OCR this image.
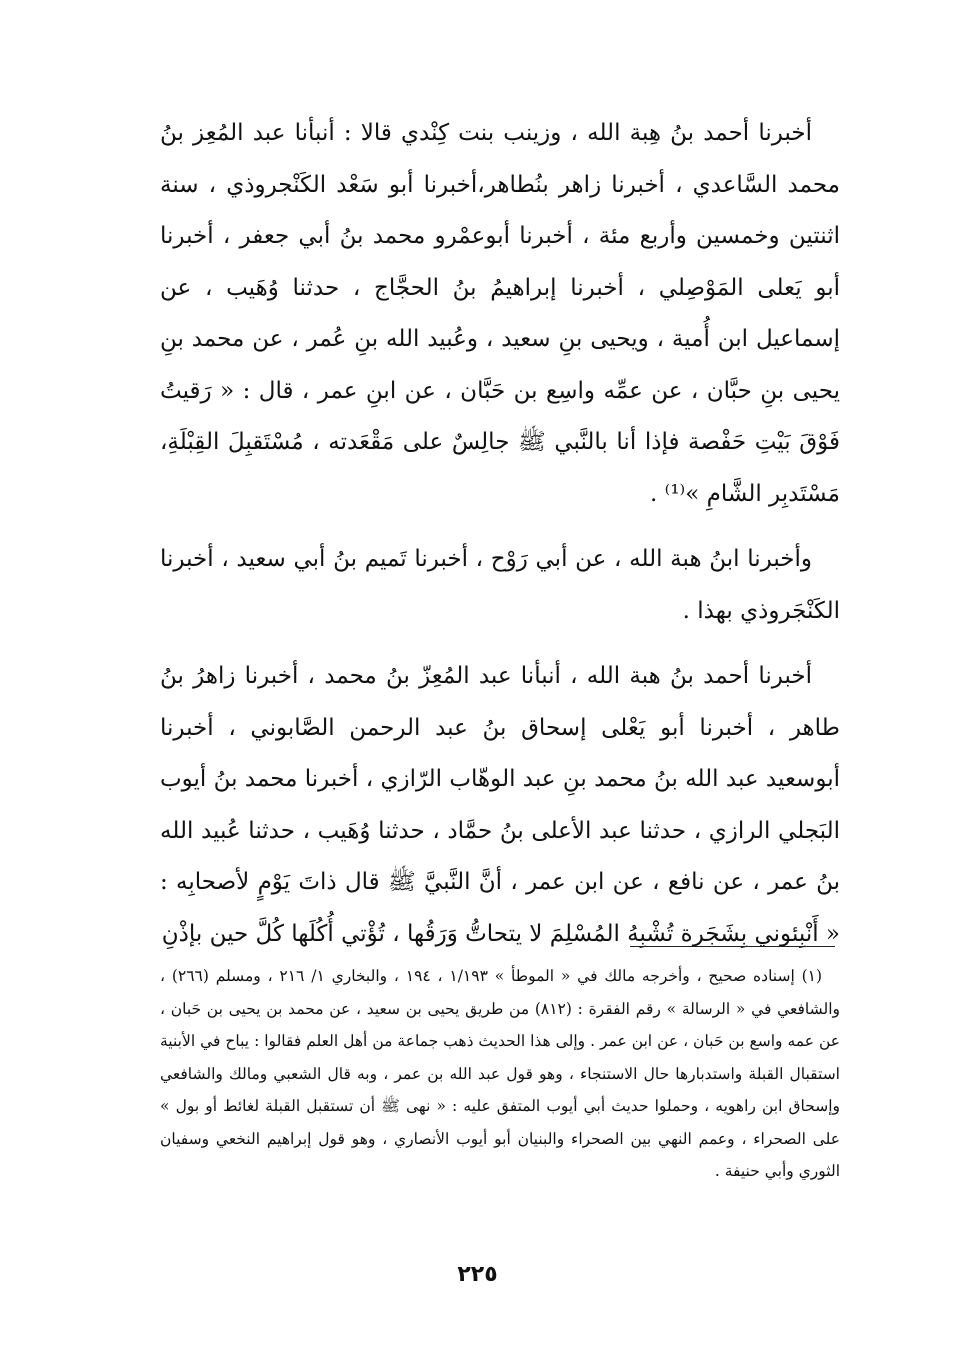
أخبرنا أحمد بنُ هِبة الله ، وزينب بنت كِنْدي قالا : أنبأنا عبد المُعِز بنُ محمد السَّاعدي ، أخبرنا زاهر بنُطاهر،أخبرنا أبو سَعْد الكَنْجروذي ، سنة اثنتين وخمسين وأربع مئة ، أخبرنا أبوعمْرو محمد بنُ أبي جعفر ، أخبرنا أبو يَعلى المَوْصِلي ، أخبرنا إبراهيمُ بنُ الحجَّاج ، حدثنا وُهَيب ، عن إسماعيل ابن أُمية ، ويحيى بنِ سعيد ، وعُبيد الله بنِ عُمر ، عن محمد بنِ يحيى بنِ حبَّان ، عن عمِّه واسِع بن حَبَّان ، عن ابنِ عمر ، قال : « رَقيتُ فَوْقَ بَيْتِ حَفْصة فإذا أنا بالنَّبي ﷺ جالِسٌ على مَقْعَدته ، مُسْتَقبِلَ القِبْلَةِ، مَسْتَدبِر الشَّامِ »⁽¹⁾ .

وأخبرنا ابنُ هبة الله ، عن أبي رَوْح ، أخبرنا تَميم بنُ أبي سعيد ، أخبرنا الكَنْجَروذي بهذا .

أخبرنا أحمد بنُ هبة الله ، أنبأنا عبد المُعِزّ بنُ محمد ، أخبرنا زاهرُ بنُ طاهر ، أخبرنا أبو يَعْلى إسحاق بنُ عبد الرحمن الصَّابوني ، أخبرنا أبوسعيد عبد الله بنُ محمد بنِ عبد الوهّاب الرّازي ، أخبرنا محمد بنُ أيوب البَجلي الرازي ، حدثنا عبد الأعلى بنُ حمَّاد ، حدثنا وُهَيب ، حدثنا عُبيد الله بنُ عمر ، عن نافع ، عن ابن عمر ، أنَّ النَّبيَّ ﷺ قال ذاتَ يَوْمٍ لأصحابِه : « أَنْبِئوني بِشَجَرة تُشْبِهُ المُسْلِمَ لا يتحاتُّ وَرَقُها ، تُؤْتي أُكُلَها كُلَّ حين بإذْنِ

(١) إسناده صحيح ، وأخرجه مالك في « الموطأ » ١/١٩٣ ، ١٩٤ ، والبخاري ١/ ٢١٦ ، ومسلم (٢٦٦) ، والشافعي في « الرسالة » رقم الفقرة : (٨١٢) من طريق يحيى بن سعيد ، عن محمد بن يحيى بن حَبان ، عن عمه واسع بن حَبان ، عن ابن عمر . وإلى هذا الحديث ذهب جماعة من أهل العلم فقالوا : يباح في الأبنية استقبال القبلة واستدبارها حال الاستنجاء ، وهو قول عبد الله بن عمر ، وبه قال الشعبي ومالك والشافعي وإسحاق ابن راهويه ، وحملوا حديث أبي أيوب المتفق عليه : « نهى ﷺ أن تستقبل القبلة لغائط أو بول » على الصحراء ، وعمم النهي بين الصحراء والبنيان أبو أيوب الأنصاري ، وهو قول إبراهيم النخعي وسفيان الثوري وأبي حنيفة .

٢٢٥
